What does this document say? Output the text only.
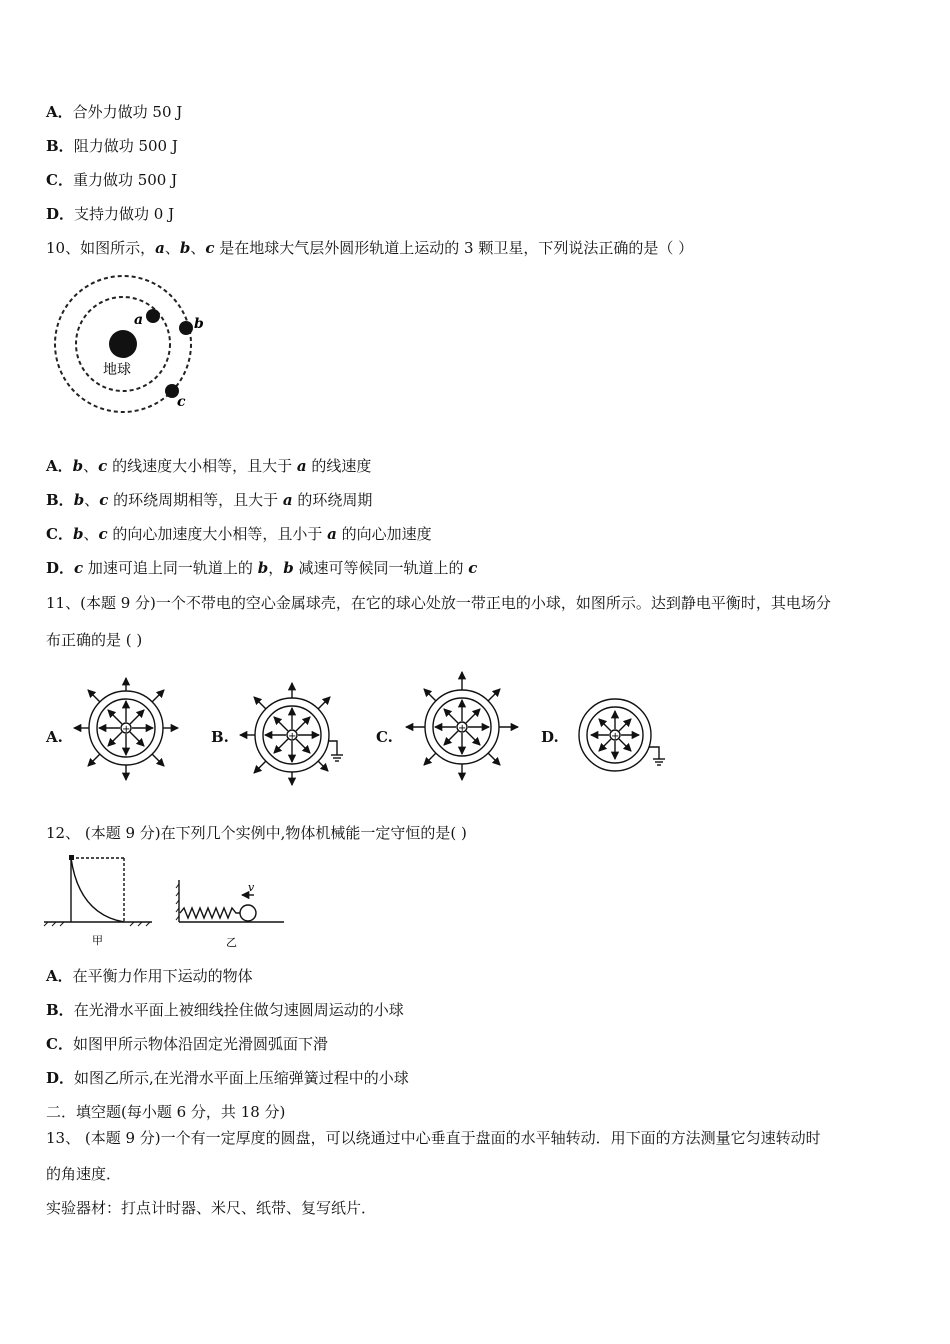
A．合外力做功 50 J
B．阻力做功 500 J
C．重力做功 500 J
D．支持力做功 0 J
10、如图所示，a、b、c 是在地球大气层外圆形轨道上运动的 3 颗卫星，下列说法正确的是（ ）
地球
a	b
c
A．b、c 的线速度大小相等，且大于 a 的线速度
B．b、c 的环绕周期相等，且大于 a 的环绕周期
C．b、c 的向心加速度大小相等，且小于 a 的向心加速度
D．c 加速可追上同一轨道上的 b，b 减速可等候同一轨道上的 c
11、(本题 9 分)一个不带电的空心金属球壳，在它的球心处放一带正电的小球，如图所示。达到静电平衡时，其电场分
布正确的是 ( )
A.	B.	C.	D.
+
+
+
+
12、 (本题 9 分)在下列几个实例中,物体机械能一定守恒的是( )
甲
v
乙
A．在平衡力作用下运动的物体
B．在光滑水平面上被细线拴住做匀速圆周运动的小球
C．如图甲所示物体沿固定光滑圆弧面下滑
D．如图乙所示,在光滑水平面上压缩弹簧过程中的小球
二．填空题(每小题 6 分，共 18 分)
13、 (本题 9 分)一个有一定厚度的圆盘，可以绕通过中心垂直于盘面的水平轴转动．用下面的方法测量它匀速转动时
的角速度．
实验器材：打点计时器、米尺、纸带、复写纸片．
